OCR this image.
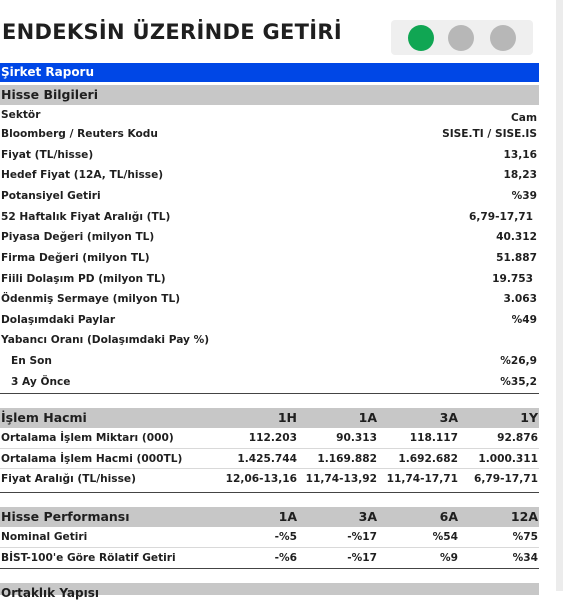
ENDEKSİN ÜZERİNDE GETİRİ
Şirket Raporu
Hisse Bilgileri
Sektör	Cam
Bloomberg / Reuters Kodu	SISE.TI / SISE.IS
Fiyat (TL/hisse)	13,16
Hedef Fiyat (12A, TL/hisse)	18,23
Potansiyel Getiri	%39
52 Haftalık Fiyat Aralığı (TL)	6,79-17,71
Piyasa Değeri (milyon TL)	40.312
Firma Değeri (milyon TL)	51.887
Fiili Dolaşım PD (milyon TL)	19.753
Ödenmiş Sermaye (milyon TL)	3.063
Dolaşımdaki Paylar	%49
Yabancı Oranı (Dolaşımdaki Pay %)
En Son	%26,9
3 Ay Önce	%35,2
İşlem Hacmi	1H	1A	3A	1Y
Ortalama İşlem Miktarı (000)	112.203	90.313	118.117	92.876
Ortalama İşlem Hacmi (000TL)	1.425.744 1.169.882 1.692.682 1.000.311
Fiyat Aralığı (TL/hisse)	12,06-13,16 11,74-13,92 11,74-17,71 6,79-17,71
Hisse Performansı	1A	3A	6A	12A
Nominal Getiri	-%5	-%17	%54	%75
BİST-100'e Göre Rölatif Getiri	-%6	-%17	%9	%34
Ortaklık Yapısı
